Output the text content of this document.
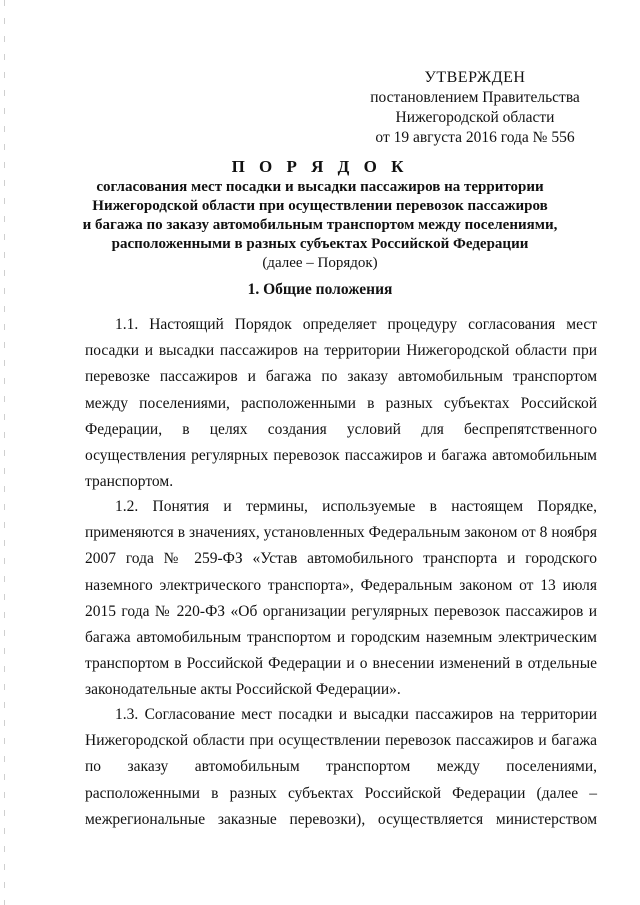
УТВЕРЖДЕН
постановлением Правительства
Нижегородской области
от 19 августа 2016 года № 556
П О Р Я Д О К
согласования мест посадки и высадки пассажиров на территории
Нижегородской области при осуществлении перевозок пассажиров
и багажа по заказу автомобильным транспортом между поселениями,
расположенными в разных субъектах Российской Федерации
(далее – Порядок)
1. Общие положения
1.1. Настоящий Порядок определяет процедуру согласования мест
посадки и высадки пассажиров на территории Нижегородской области при
перевозке пассажиров и багажа по заказу автомобильным транспортом
между поселениями, расположенными в разных субъектах Российской
Федерации, в целях создания условий для беспрепятственного
осуществления регулярных перевозок пассажиров и багажа автомобильным
транспортом.
1.2. Понятия и термины, используемые в настоящем Порядке,
применяются в значениях, установленных Федеральным законом от 8 ноября
2007 года № 259-ФЗ «Устав автомобильного транспорта и городского
наземного электрического транспорта», Федеральным законом от 13 июля
2015 года № 220-ФЗ «Об организации регулярных перевозок пассажиров и
багажа автомобильным транспортом и городским наземным электрическим
транспортом в Российской Федерации и о внесении изменений в отдельные
законодательные акты Российской Федерации».
1.3. Согласование мест посадки и высадки пассажиров на территории
Нижегородской области при осуществлении перевозок пассажиров и багажа
по заказу автомобильным транспортом между поселениями,
расположенными в разных субъектах Российской Федерации (далее –
межрегиональные заказные перевозки), осуществляется министерством
